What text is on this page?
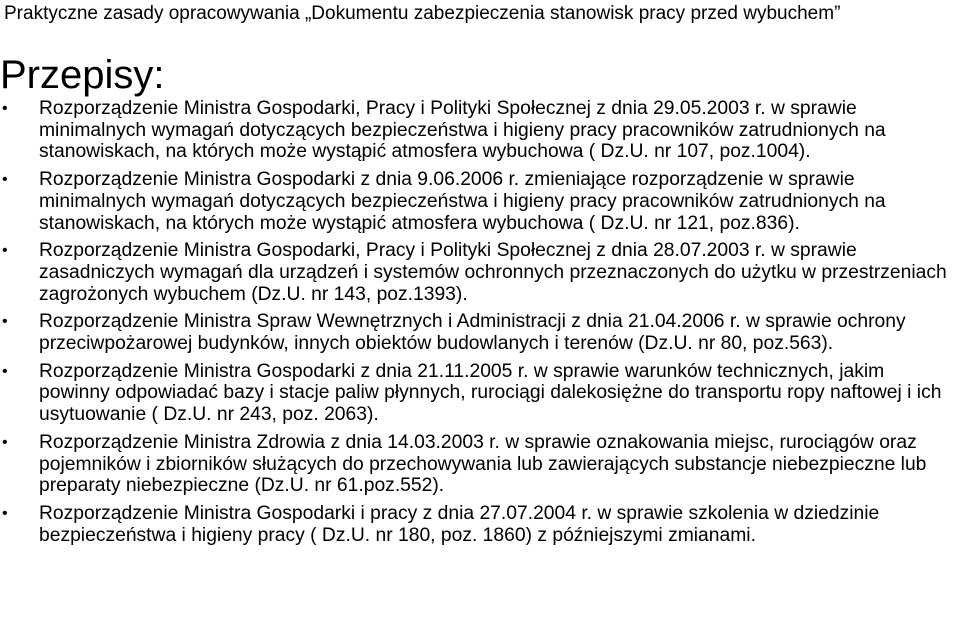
Praktyczne zasady opracowywania „Dokumentu zabezpieczenia stanowisk pracy przed wybuchem”
Przepisy:
• Rozporządzenie Ministra Gospodarki, Pracy i Polityki Społecznej z dnia 29.05.2003 r. w sprawie minimalnych wymagań dotyczących bezpieczeństwa i higieny pracy pracowników zatrudnionych na stanowiskach, na których może wystąpić atmosfera wybuchowa ( Dz.U. nr 107, poz.1004).
• Rozporządzenie Ministra Gospodarki z dnia 9.06.2006 r. zmieniające rozporządzenie w sprawie minimalnych wymagań dotyczących bezpieczeństwa i higieny pracy pracowników zatrudnionych na stanowiskach, na których może wystąpić atmosfera wybuchowa ( Dz.U. nr 121, poz.836).
• Rozporządzenie Ministra Gospodarki, Pracy i Polityki Społecznej z dnia 28.07.2003 r. w sprawie zasadniczych wymagań dla urządzeń i systemów ochronnych przeznaczonych do użytku w przestrzeniach zagrożonych wybuchem (Dz.U. nr 143, poz.1393).
• Rozporządzenie Ministra Spraw Wewnętrznych i Administracji z dnia 21.04.2006 r. w sprawie ochrony przeciwpożarowej budynków, innych obiektów budowlanych i terenów (Dz.U. nr 80, poz.563).
• Rozporządzenie Ministra Gospodarki z dnia 21.11.2005 r. w sprawie warunków technicznych, jakim powinny odpowiadać bazy i stacje paliw płynnych, rurociągi dalekosiężne do transportu ropy naftowej i ich usytuowanie ( Dz.U. nr 243, poz. 2063).
• Rozporządzenie Ministra Zdrowia z dnia 14.03.2003 r. w sprawie oznakowania miejsc, rurociągów oraz pojemników i zbiorników służących do przechowywania lub zawierających substancje niebezpieczne lub preparaty niebezpieczne (Dz.U. nr 61.poz.552).
• Rozporządzenie Ministra Gospodarki i pracy z dnia 27.07.2004 r. w sprawie szkolenia w dziedzinie bezpieczeństwa i higieny pracy ( Dz.U. nr 180, poz. 1860) z późniejszymi zmianami.
